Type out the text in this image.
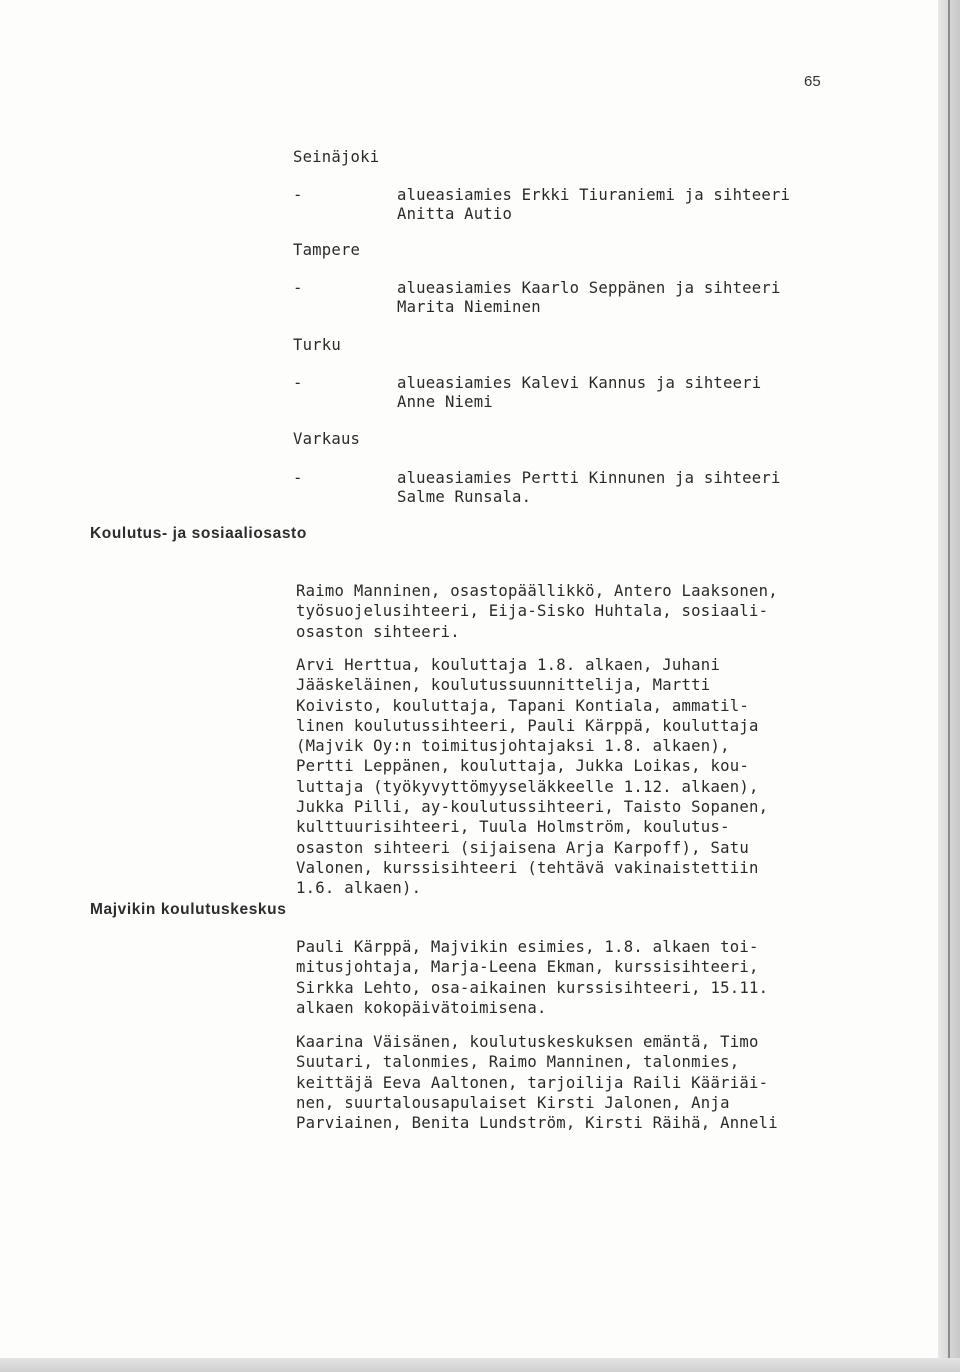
65
Seinäjoki
-	alueasiamies Erkki Tiuraniemi ja sihteeri
Anitta Autio
Tampere
-	alueasiamies Kaarlo Seppänen ja sihteeri
Marita Nieminen
Turku
-	alueasiamies Kalevi Kannus ja sihteeri
Anne Niemi
Varkaus
-	alueasiamies Pertti Kinnunen ja sihteeri
Salme Runsala.
Koulutus- ja sosiaaliosasto
Raimo Manninen, osastopäällikkö, Antero Laaksonen,
työsuojelusihteeri, Eija-Sisko Huhtala, sosiaali-
osaston sihteeri.
Arvi Herttua, kouluttaja 1.8. alkaen, Juhani
Jääskeläinen, koulutussuunnittelija, Martti
Koivisto, kouluttaja, Tapani Kontiala, ammatil-
linen koulutussihteeri, Pauli Kärppä, kouluttaja
(Majvik Oy:n toimitusjohtajaksi 1.8. alkaen),
Pertti Leppänen, kouluttaja, Jukka Loikas, kou-
luttaja (työkyvyttömyyseläkkeelle 1.12. alkaen),
Jukka Pilli, ay-koulutussihteeri, Taisto Sopanen,
kulttuurisihteeri, Tuula Holmström, koulutus-
osaston sihteeri (sijaisena Arja Karpoff), Satu
Valonen, kurssisihteeri (tehtävä vakinaistettiin
1.6. alkaen).
Majvikin koulutuskeskus
Pauli Kärppä, Majvikin esimies, 1.8. alkaen toi-
mitusjohtaja, Marja-Leena Ekman, kurssisihteeri,
Sirkka Lehto, osa-aikainen kurssisihteeri, 15.11.
alkaen kokopäivätoimisena.
Kaarina Väisänen, koulutuskeskuksen emäntä, Timo
Suutari, talonmies, Raimo Manninen, talonmies,
keittäjä Eeva Aaltonen, tarjoilija Raili Kääriäi-
nen, suurtalousapulaiset Kirsti Jalonen, Anja
Parviainen, Benita Lundström, Kirsti Räihä, Anneli
